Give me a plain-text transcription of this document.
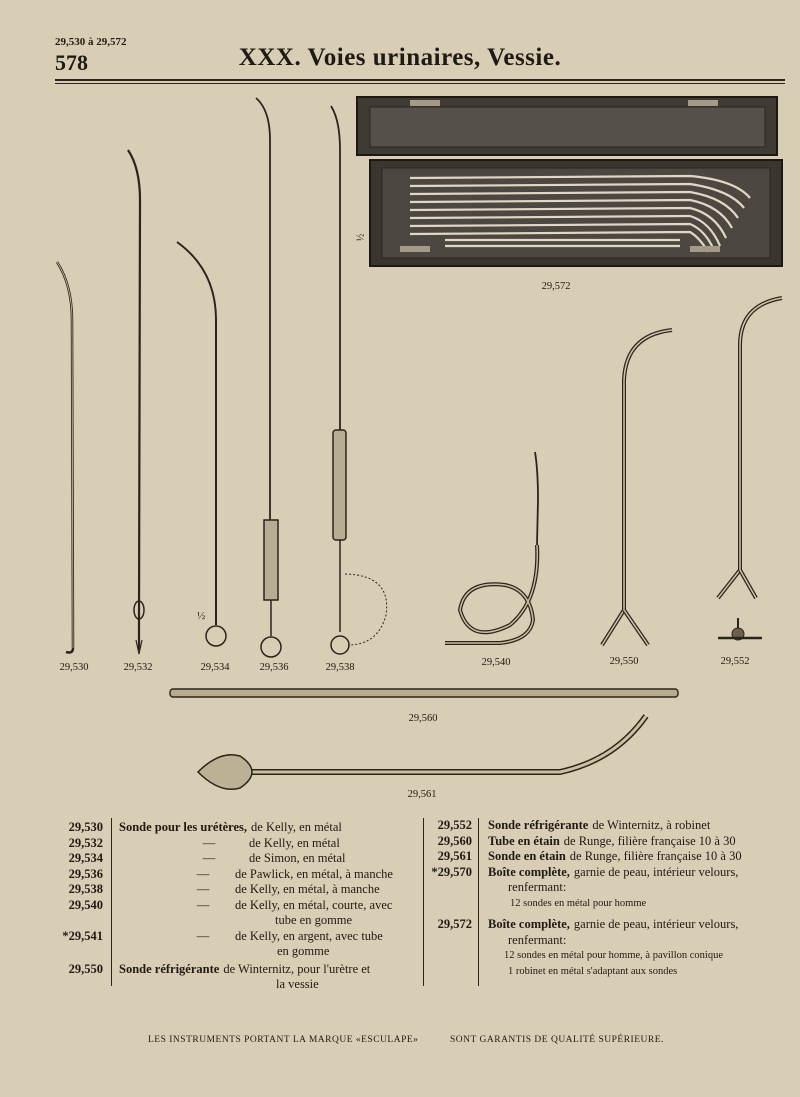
29,530 à 29,572
578	XXX. Voies urinaires, Vessie.
½
½
29,530	29,532	29,534	29,536	29,538	29,540	29,550	29,552
29,560
29,561
29,572
29,530 Sonde pour les urétères, de Kelly, en métal
29,532	—	de Kelly, en métal
29,534	—	de Simon, en métal
29,536	—	de Pawlick, en métal, à manche
29,538	—	de Kelly, en métal, à manche
29,540	—	de Kelly, en métal, courte, avec
tube en gomme
*29,541	—	de Kelly, en argent, avec tube
en gomme
29,550 Sonde réfrigérante de Winternitz, pour l'urètre et
la vessie
29,552 Sonde réfrigérante de Winternitz, à robinet
29,560 Tube en étain de Runge, filière française 10 à 30
29,561 Sonde en étain de Runge, filière française 10 à 30
*29,570 Boîte complète, garnie de peau, intérieur velours,
renfermant:
12 sondes en métal pour homme
29,572 Boîte complète, garnie de peau, intérieur velours,
renfermant:
12 sondes en métal pour homme, à pavillon conique
1 robinet en métal s'adaptant aux sondes
LES INSTRUMENTS PORTANT LA MARQUE «ESCULAPE»	SONT GARANTIS DE QUALITÉ SUPÉRIEURE.
